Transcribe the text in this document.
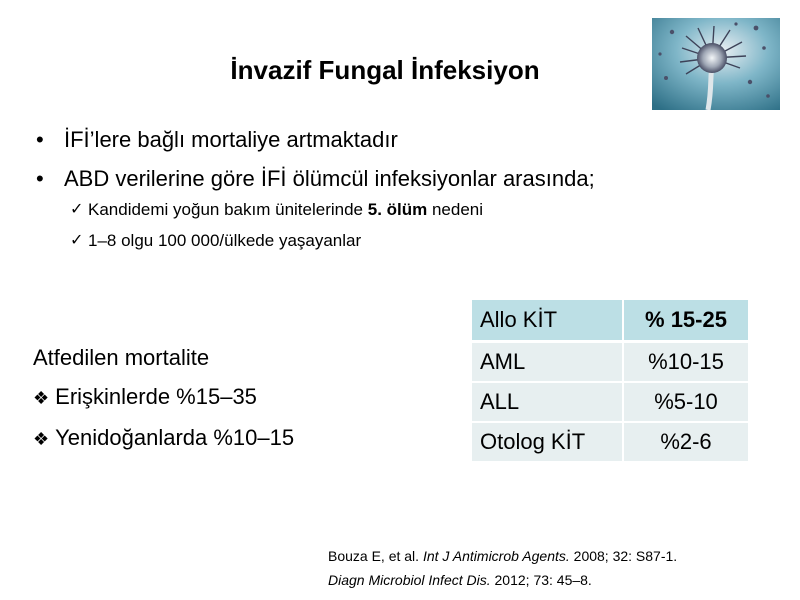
İnvazif Fungal İnfeksiyon
• İFİ’lere bağlı mortaliye artmaktadır
• ABD verilerine göre İFİ ölümcül infeksiyonlar arasında;
✓ Kandidemi yoğun bakım ünitelerinde 5. ölüm nedeni
✓ 1–8 olgu 100 000/ülkede yaşayanlar
Atfedilen mortalite
❖ Erişkinlerde %15–35
❖ Yenidoğanlarda %10–15
Allo KİT	% 15-25
AML	%10-15
ALL	%5-10
Otolog KİT	%2-6
Bouza E, et al. Int J Antimicrob Agents. 2008; 32: S87-1.
Diagn Microbiol Infect Dis. 2012; 73: 45–8.
